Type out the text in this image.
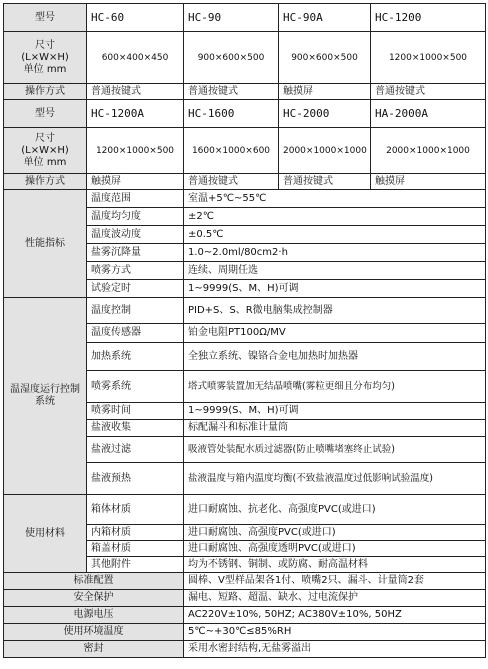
型号	HC-60	HC-90	HC-90A	HC-1200

尺寸
(L×W×H)
单位 mm	600×400×450	900×600×500	900×600×500	1200×1000×500
操作方式	普通按键式	普通按键式	触摸屏	普通按键式
型号	HC-1200A	HC-1600	HC-2000	HA-2000A

尺寸
(L×W×H)
单位 mm	1200×1000×500	1600×1000×600	2000×1000×1000	2000×1000×1000
操作方式	触摸屏	普通按键式	普通按键式	触摸屏
性能指标	温度范围	室温+5℃~55℃		
	温度均匀度	±2℃		
	温度波动度	±0.5℃		
	盐雾沉降量	1.0~2.0ml/80cm2·h		
	喷雾方式	连续、周期任选		
	试验定时	1~9999(S、M、H)可调		
温湿度运行控制系统	温度控制	PID+S、S、R微电脑集成控制器		
	温度传感器	铂金电阻PT100Ω/MV		
	加热系统	全独立系统、镍铬合金电加热时加热器		
	喷雾系统	塔式喷雾装置加无结晶喷嘴(雾粒更细且分布均匀)		
	喷雾时间	1~9999(S、M、H)可调		
	盐液收集	标配漏斗和标准计量筒		
	盐液过滤	吸液管处装配水质过滤器(防止喷嘴堵塞终止试验)		
	盐液预热	盐液温度与箱内温度均衡(不致盐液温度过低影响试验温度)		
使用材料	箱体材质	进口耐腐蚀、抗老化、高强度PVC(或进口)		
	内箱材质	进口耐腐蚀、高强度PVC(或进口)		
	箱盖材质	进口耐腐蚀、高强度透明PVC(或进口)		
	其他附件	均为不锈钢、铜制、或防腐、耐高温材料		
标准配置		圆棒、V型样品架各1付、喷嘴2只、漏斗、计量筒2套		
安全保护		漏电、短路、超温、缺水、过电流保护		
电源电压		AC220V±10%, 50HZ; AC380V±10%, 50HZ		
使用环境温度		5℃~+30℃≤85%RH		
密封		采用水密封结构,无盐雾溢出		
